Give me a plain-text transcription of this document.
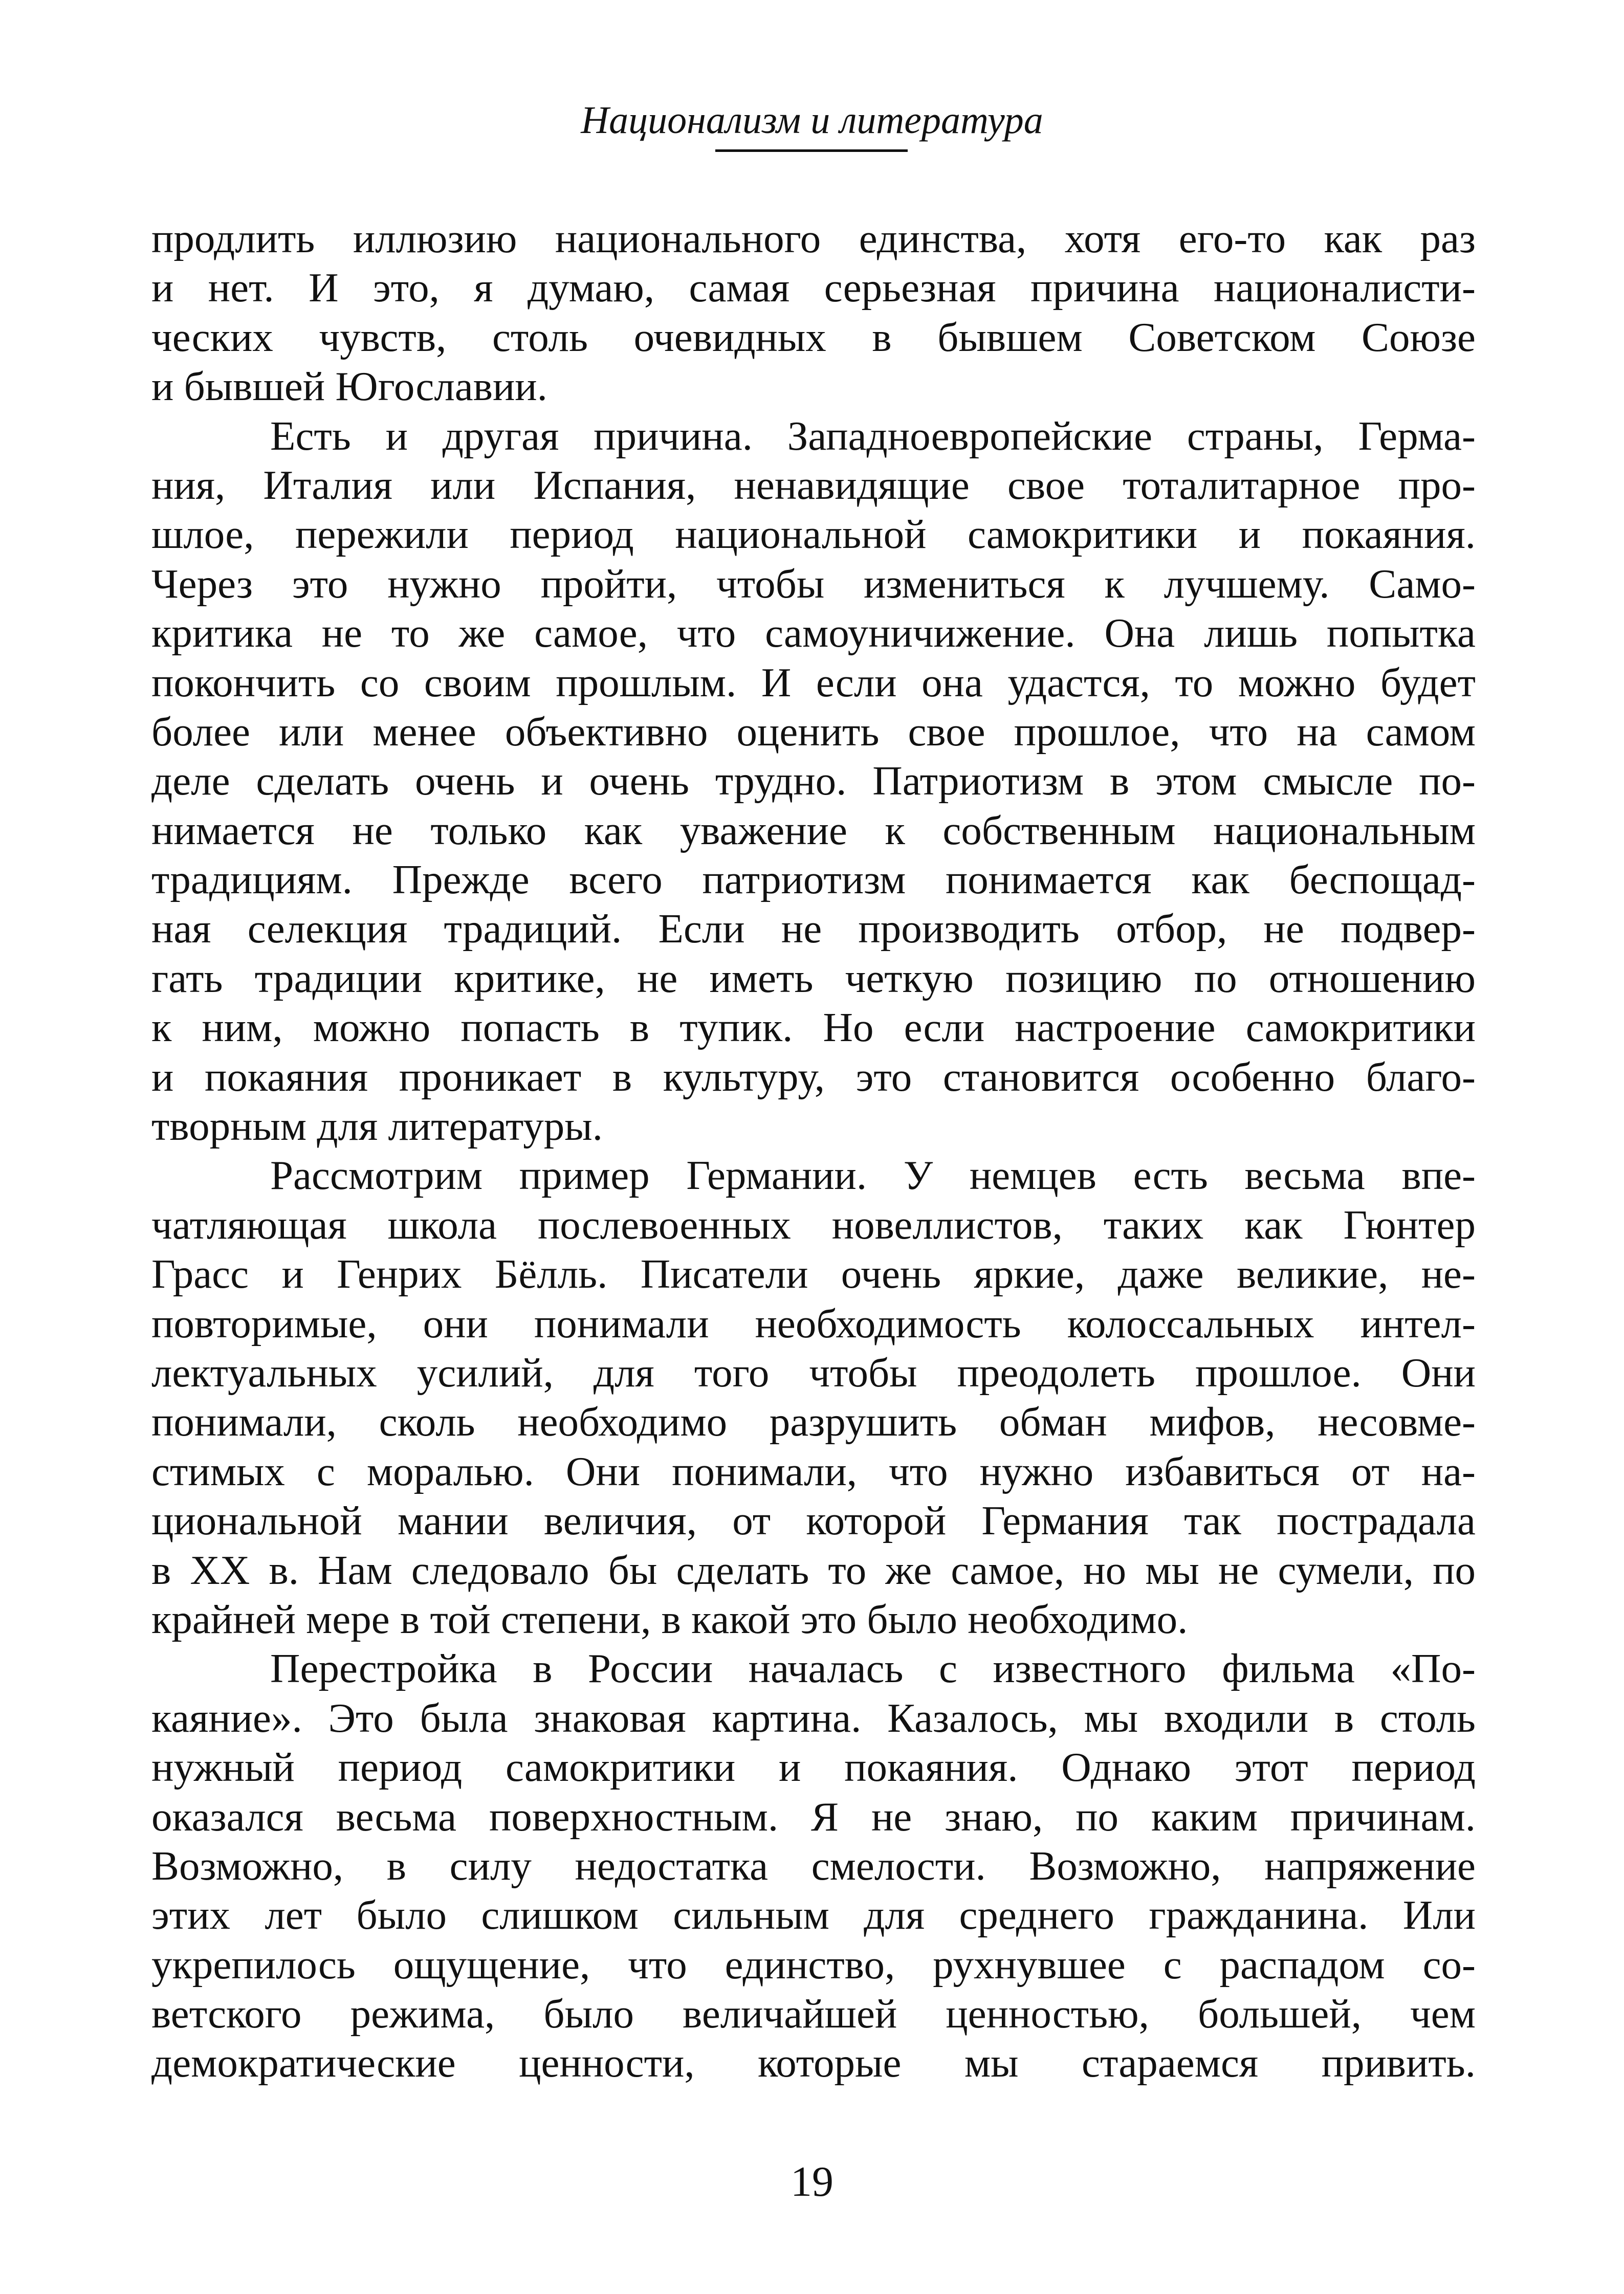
Национализм и литература
продлить иллюзию национального единства, хотя его-то как раз
и нет. И это, я думаю, самая серьезная причина националисти-
ческих чувств, столь очевидных в бывшем Советском Союзе
и бывшей Югославии.
Есть и другая причина. Западноевропейские страны, Герма-
ния, Италия или Испания, ненавидящие свое тоталитарное про-
шлое, пережили период национальной самокритики и покаяния.
Через это нужно пройти, чтобы измениться к лучшему. Само-
критика не то же самое, что самоуничижение. Она лишь попытка
покончить со своим прошлым. И если она удастся, то можно будет
более или менее объективно оценить свое прошлое, что на самом
деле сделать очень и очень трудно. Патриотизм в этом смысле по-
нимается не только как уважение к собственным национальным
традициям. Прежде всего патриотизм понимается как беспощад-
ная селекция традиций. Если не производить отбор, не подвер-
гать традиции критике, не иметь четкую позицию по отношению
к ним, можно попасть в тупик. Но если настроение самокритики
и покаяния проникает в культуру, это становится особенно благо-
творным для литературы.
Рассмотрим пример Германии. У немцев есть весьма впе-
чатляющая школа послевоенных новеллистов, таких как Гюнтер
Грасс и Генрих Бёлль. Писатели очень яркие, даже великие, не-
повторимые, они понимали необходимость колоссальных интел-
лектуальных усилий, для того чтобы преодолеть прошлое. Они
понимали, сколь необходимо разрушить обман мифов, несовме-
стимых с моралью. Они понимали, что нужно избавиться от на-
циональной мании величия, от которой Германия так пострадала
в XX в. Нам следовало бы сделать то же самое, но мы не сумели, по
крайней мере в той степени, в какой это было необходимо.
Перестройка в России началась с известного фильма «По-
каяние». Это была знаковая картина. Казалось, мы входили в столь
нужный период самокритики и покаяния. Однако этот период
оказался весьма поверхностным. Я не знаю, по каким причинам.
Возможно, в силу недостатка смелости. Возможно, напряжение
этих лет было слишком сильным для среднего гражданина. Или
укрепилось ощущение, что единство, рухнувшее с распадом со-
ветского режима, было величайшей ценностью, большей, чем
демократические ценности, которые мы стараемся привить.
19
